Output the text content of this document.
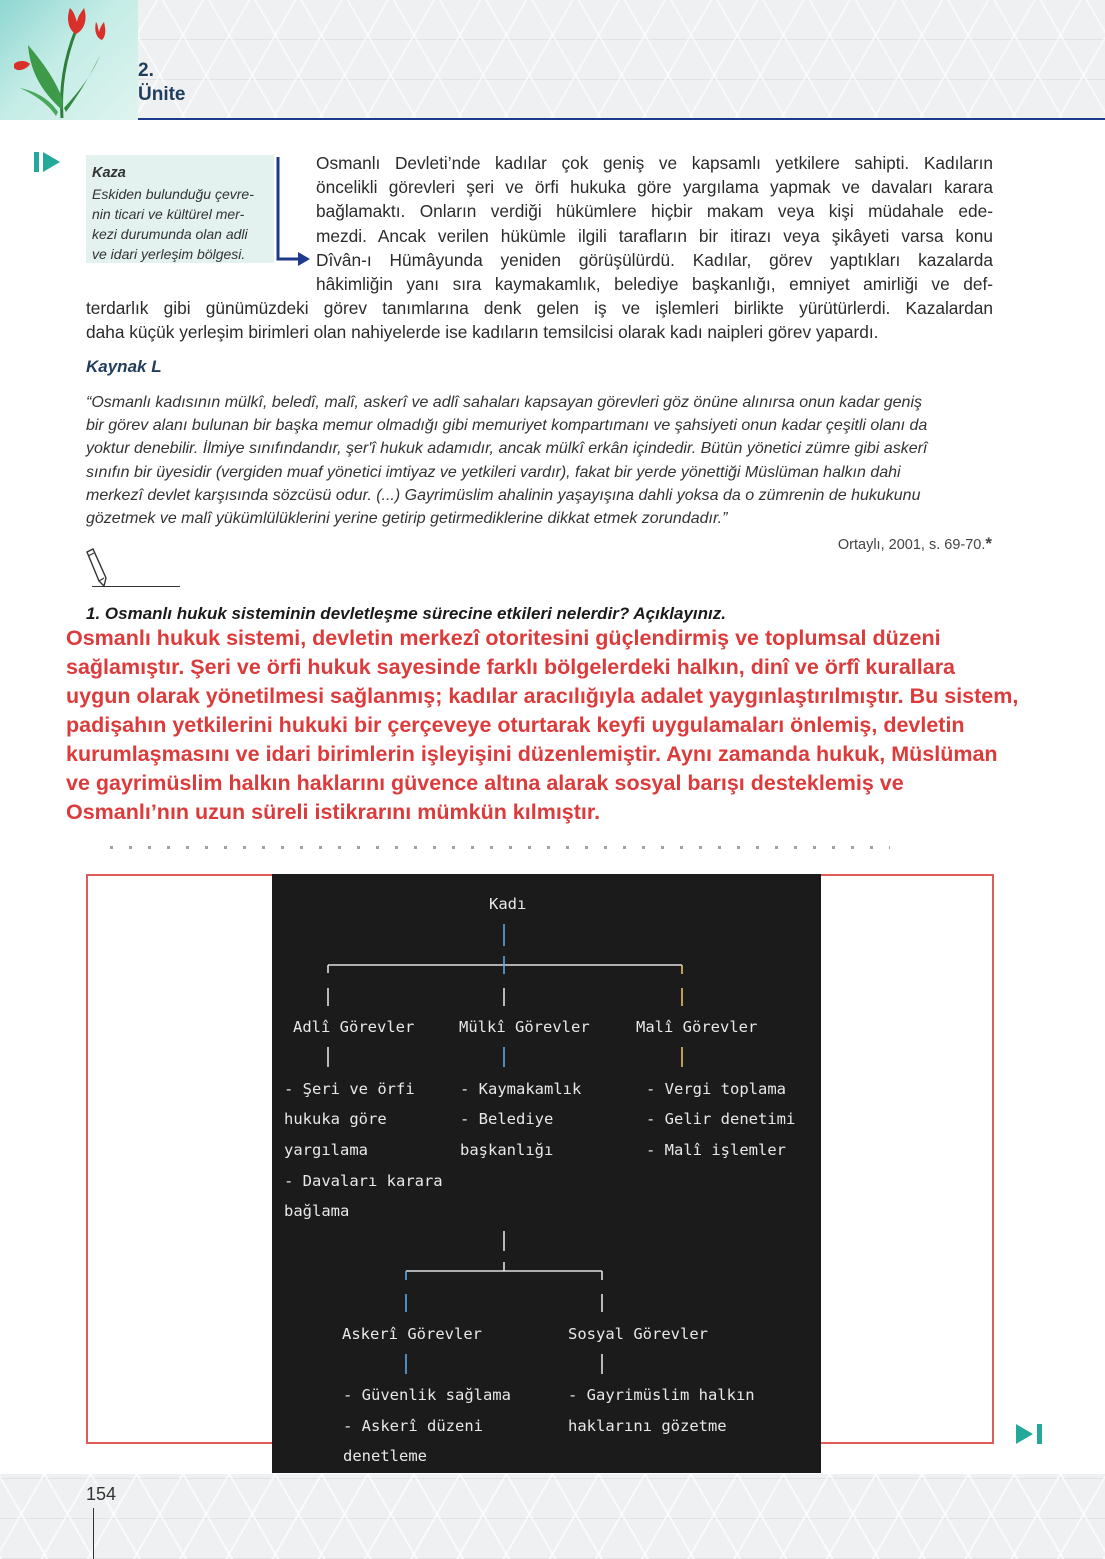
2.
Ünite
Kaza
Eskiden bulunduğu çevre-
nin ticari ve kültürel mer-
kezi durumunda olan adli
ve idari yerleşim bölgesi.
Osmanlı Devleti’nde kadılar çok geniş ve kapsamlı yetkilere sahipti. Kadıların
öncelikli görevleri şeri ve örfi hukuka göre yargılama yapmak ve davaları karara
bağlamaktı. Onların verdiği hükümlere hiçbir makam veya kişi müdahale ede-
mezdi. Ancak verilen hükümle ilgili tarafların bir itirazı veya şikâyeti varsa konu
Dîvân-ı Hümâyunda yeniden görüşülürdü. Kadılar, görev yaptıkları kazalarda
hâkimliğin yanı sıra kaymakamlık, belediye başkanlığı, emniyet amirliği ve def-
terdarlık gibi günümüzdeki görev tanımlarına denk gelen iş ve işlemleri birlikte yürütürlerdi. Kazalardan
daha küçük yerleşim birimleri olan nahiyelerde ise kadıların temsilcisi olarak kadı naipleri görev yapardı.
Kaynak L
“Osmanlı kadısının mülkî, beledî, malî, askerî ve adlî sahaları kapsayan görevleri göz önüne alınırsa onun kadar geniş
bir görev alanı bulunan bir başka memur olmadığı gibi memuriyet kompartımanı ve şahsiyeti onun kadar çeşitli olanı da
yoktur denebilir. İlmiye sınıfındandır, şerʹî hukuk adamıdır, ancak mülkî erkân içindedir. Bütün yönetici zümre gibi askerî
sınıfın bir üyesidir (vergiden muaf yönetici imtiyaz ve yetkileri vardır), fakat bir yerde yönettiği Müslüman halkın dahi
merkezî devlet karşısında sözcüsü odur. (...) Gayrimüslim ahalinin yaşayışına dahli yoksa da o zümrenin de hukukunu
gözetmek ve malî yükümlülüklerini yerine getirip getirmediklerine dikkat etmek zorundadır.”
Ortaylı, 2001, s. 69-70.*
1. Osmanlı hukuk sisteminin devletleşme sürecine etkileri nelerdir? Açıklayınız.
Osmanlı hukuk sistemi, devletin merkezî otoritesini güçlendirmiş ve toplumsal düzeni
sağlamıştır. Şeri ve örfi hukuk sayesinde farklı bölgelerdeki halkın, dinî ve örfî kurallara
uygun olarak yönetilmesi sağlanmış; kadılar aracılığıyla adalet yaygınlaştırılmıştır. Bu sistem,
padişahın yetkilerini hukuki bir çerçeveye oturtarak keyfi uygulamaları önlemiş, devletin
kurumlaşmasını ve idari birimlerin işleyişini düzenlemiştir. Aynı zamanda hukuk, Müslüman
ve gayrimüslim halkın haklarını güvence altına alarak sosyal barışı desteklemiş ve
Osmanlı’nın uzun süreli istikrarını mümkün kılmıştır.
Kadı
Adlî Görevler	Mülkî Görevler	Malî Görevler
- Şeri ve örfi
hukuka göre
yargılama
- Davaları karara
bağlama
- Kaymakamlık
- Belediye
başkanlığı
- Vergi toplama
- Gelir denetimi
- Malî işlemler
Askerî Görevler	Sosyal Görevler
- Güvenlik sağlama
- Askerî düzeni
denetleme
- Gayrimüslim halkın
haklarını gözetme
154
